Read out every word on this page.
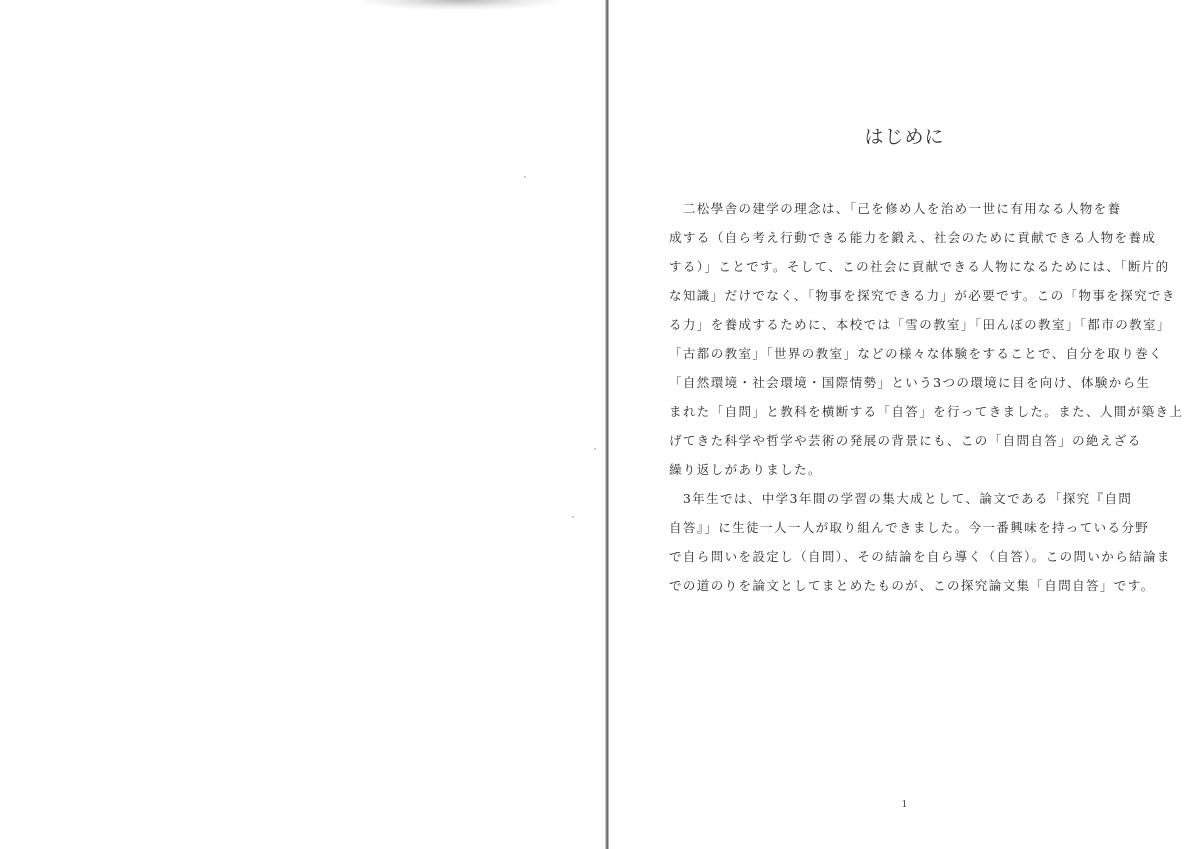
はじめに
　二松學舎の建学の理念は、「己を修め人を治め一世に有用なる人物を養
成する（自ら考え行動できる能力を鍛え、社会のために貢献できる人物を養成
する）」ことです。そして、この社会に貢献できる人物になるためには、「断片的
な知識」だけでなく、「物事を探究できる力」が必要です。この「物事を探究でき
る力」を養成するために、本校では「雪の教室」「田んぼの教室」「都市の教室」
「古都の教室」「世界の教室」などの様々な体験をすることで、自分を取り巻く
「自然環境・社会環境・国際情勢」という3つの環境に目を向け、体験から生
まれた「自問」と教科を横断する「自答」を行ってきました。また、人間が築き上
げてきた科学や哲学や芸術の発展の背景にも、この「自問自答」の絶えざる
繰り返しがありました。
　3年生では、中学3年間の学習の集大成として、論文である「探究『自問
自答』」に生徒一人一人が取り組んできました。今一番興味を持っている分野
で自ら問いを設定し（自問）、その結論を自ら導く（自答）。この問いから結論ま
での道のりを論文としてまとめたものが、この探究論文集「自問自答」です。

1
